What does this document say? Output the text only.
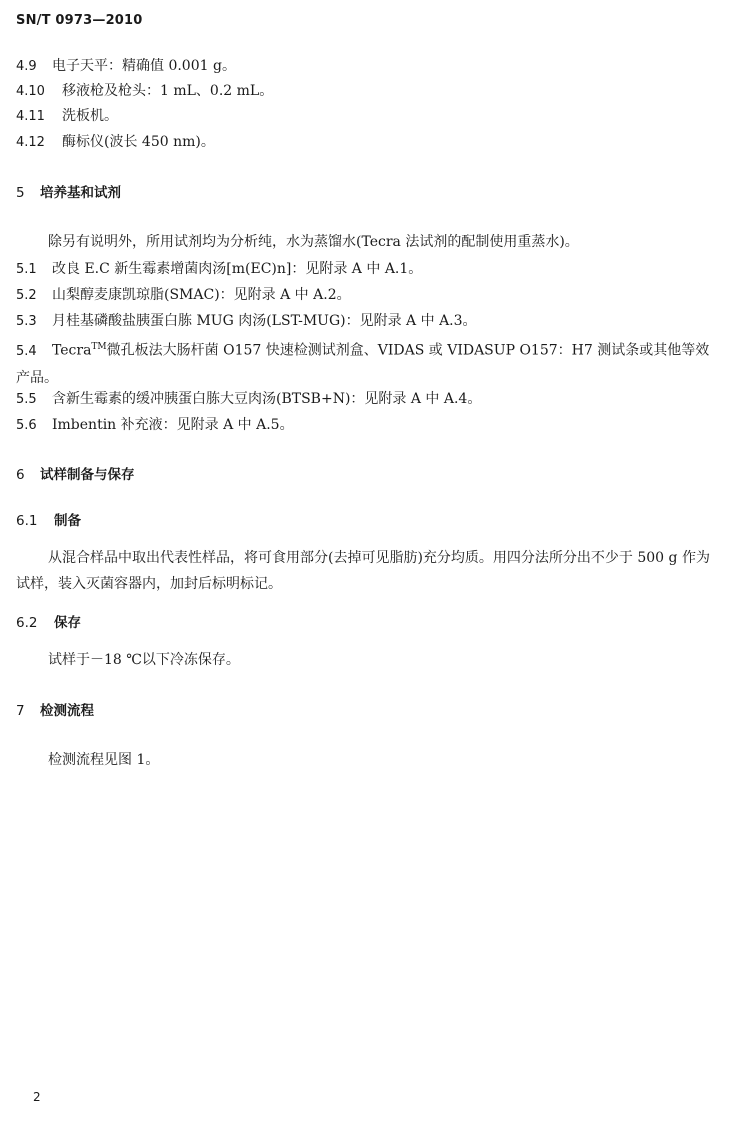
SN/T 0973—2010
4.9 电子天平：精确值 0.001 g。
4.10 移液枪及枪头：1 mL、0.2 mL。
4.11 洗板机。
4.12 酶标仪(波长 450 nm)。
5 培养基和试剂
除另有说明外，所用试剂均为分析纯，水为蒸馏水(Tecra 法试剂的配制使用重蒸水)。
5.1 改良 E.C 新生霉素增菌肉汤[m(EC)n]：见附录 A 中 A.1。
5.2 山梨醇麦康凯琼脂(SMAC)：见附录 A 中 A.2。
5.3 月桂基磷酸盐胰蛋白胨 MUG 肉汤(LST-MUG)：见附录 A 中 A.3。
5.4 Tecra™微孔板法大肠杆菌 O157 快速检测试剂盒、VIDAS 或 VIDASUP O157：H7 测试条或其他等效产品。
5.5 含新生霉素的缓冲胰蛋白胨大豆肉汤(BTSB+N)：见附录 A 中 A.4。
5.6 Imbentin 补充液：见附录 A 中 A.5。
6 试样制备与保存
6.1 制备
从混合样品中取出代表性样品，将可食用部分(去掉可见脂肪)充分均质。用四分法所分出不少于 500 g 作为试样，装入灭菌容器内，加封后标明标记。
6.2 保存
试样于－18 ℃以下冷冻保存。
7 检测流程
检测流程见图 1。
2
